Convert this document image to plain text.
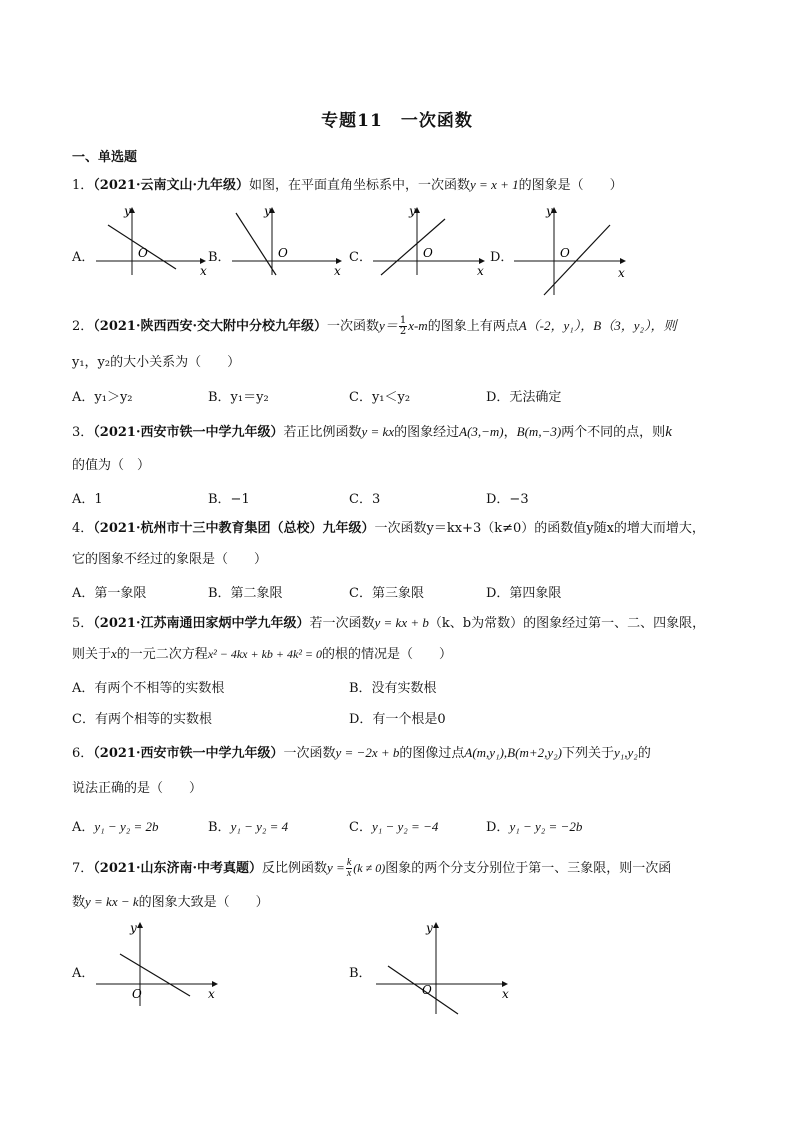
专题11　一次函数
一、单选题
1．（2021·云南文山·九年级）如图，在平面直角坐标系中，一次函数y = x + 1的图象是（　　）
A．
y
x
O	B．
y
x
O	C．
y
x
O	D．
y
x
O
2．（2021·陕西西安·交大附中分校九年级）一次函数$y= \frac{1}{2} x-m$的图象上有两点A（-2，y₁），B（3，y₂），则
y₁，y₂的大小关系为（　　）
A．y₁＞y₂	B．y₁＝y₂	C．y₁＜y₂	D．无法确定
3．（2021·西安市铁一中学九年级）若正比例函数y = kx的图象经过A(3,−m)，B(m,−3)两个不同的点，则k
的值为（　）
A．1	B．−1	C．3	D．−3
4．（2021·杭州市十三中教育集团（总校）九年级）一次函数y＝kx+3（k≠0）的函数值y随x的增大而增大，
它的图象不经过的象限是（　　）
A．第一象限	B．第二象限	C．第三象限	D．第四象限
5．（2021·江苏南通田家炳中学九年级）若一次函数y = kx + b（k、b为常数）的图象经过第一、二、四象限，
则关于x的一元二次方程x² − 4kx + kb + 4k² = 0的根的情况是（　　）
A．有两个不相等的实数根	B．没有实数根
C．有两个相等的实数根	D．有一个根是0
6．（2021·西安市铁一中学九年级）一次函数y = −2x + b的图像过点A(m,y₁),B(m+2,y₂)下列关于y₁,y₂的
说法正确的是（　　）
A．y₁ − y₂ = 2b	B．y₁ − y₂ = 4	C．y₁ − y₂ = −4	D．y₁ − y₂ = −2b
7．（2021·山东济南·中考真题）反比例函数$y = \frac{k}{x} (k \ne 0)$图象的两个分支分别位于第一、三象限，则一次函
数y = kx − k的图象大致是（　　）
A．
y
x
O
B．
y
x
O
